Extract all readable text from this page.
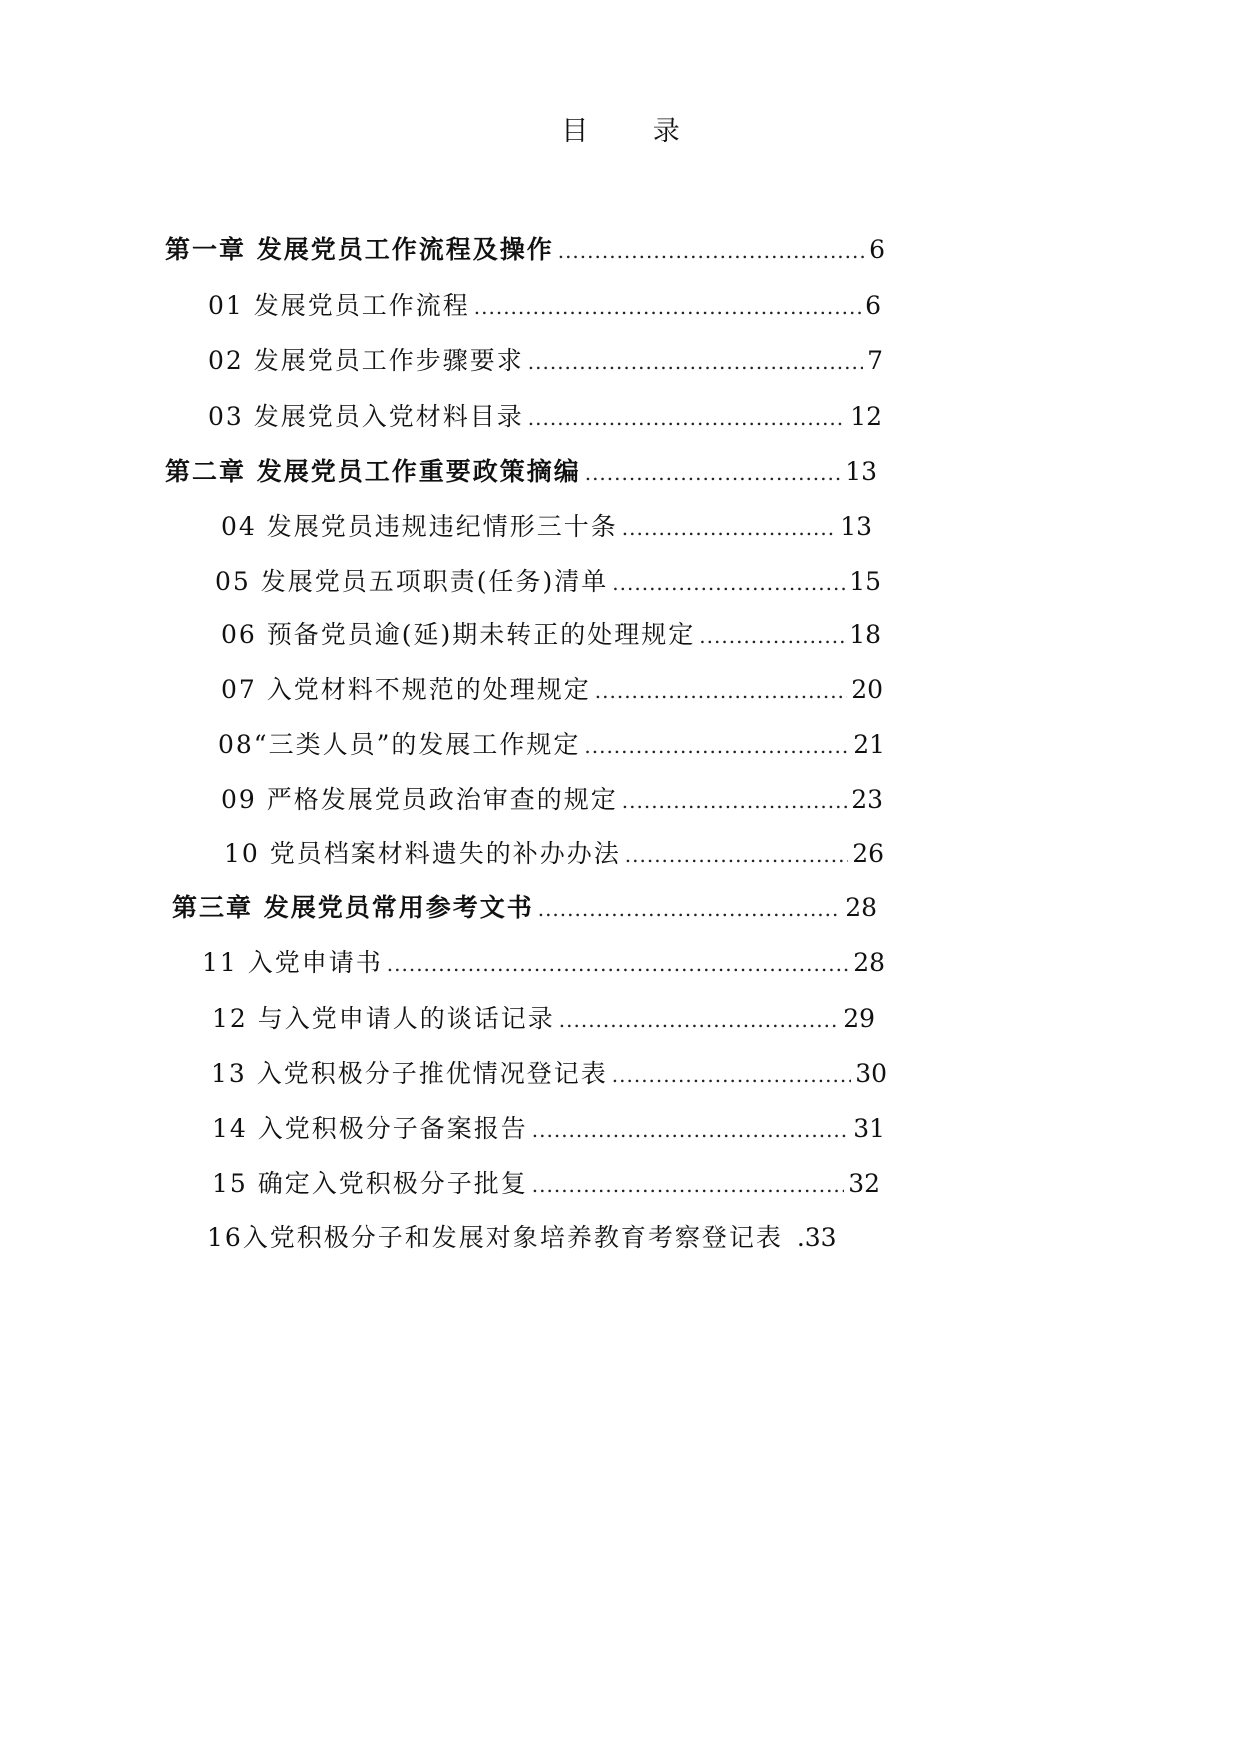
目 录
第一章 发展党员工作流程及操作 .....	6
01 发展党员工作流程 .....	6
02 发展党员工作步骤要求 .....	7
03 发展党员入党材料目录 .....	12
第二章 发展党员工作重要政策摘编 .....	13
04 发展党员违规违纪情形三十条 .....	13
05 发展党员五项职责(任务)清单 .....	15
06 预备党员逾(延)期未转正的处理规定 .....	18
07 入党材料不规范的处理规定 .....	20
08“三类人员”的发展工作规定 .....	21
09 严格发展党员政治审查的规定 .....	23
10 党员档案材料遗失的补办办法 .....	26
第三章 发展党员常用参考文书 .....	28
11 入党申请书 .....	28
12 与入党申请人的谈话记录 .....	29
13 入党积极分子推优情况登记表 .....	30
14 入党积极分子备案报告 .....	31
15 确定入党积极分子批复 .....	32
16入党积极分子和发展对象培养教育考察登记表 .33
